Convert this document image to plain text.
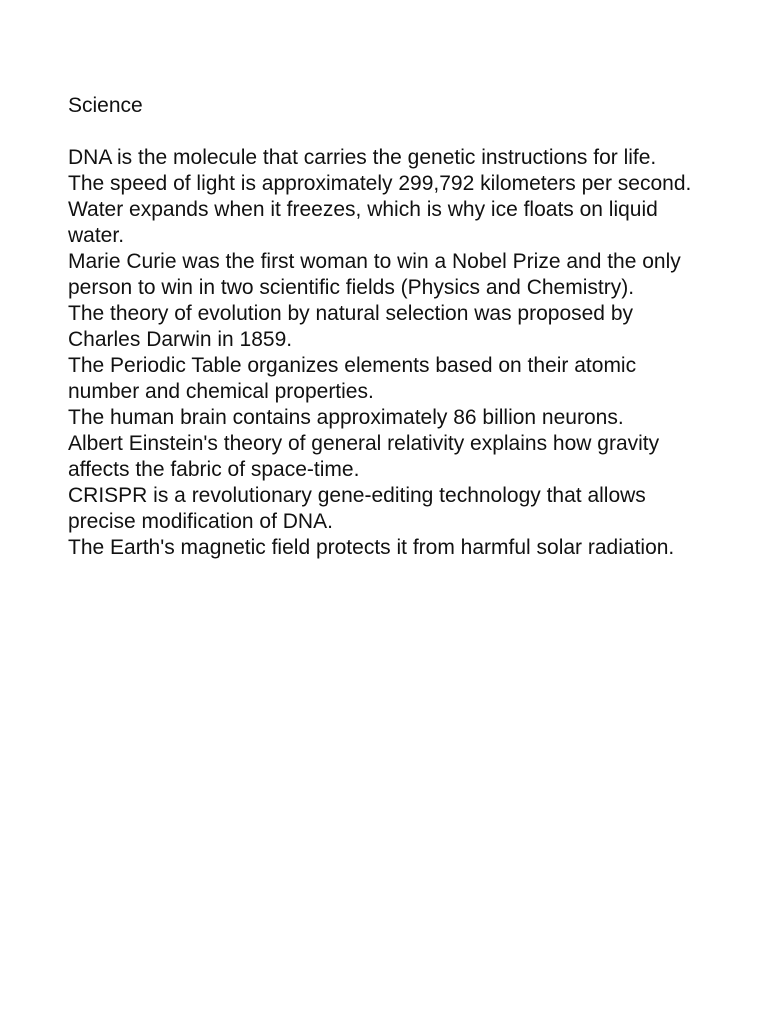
Science
DNA is the molecule that carries the genetic instructions for life.
The speed of light is approximately 299,792 kilometers per second.
Water expands when it freezes, which is why ice floats on liquid water.
Marie Curie was the first woman to win a Nobel Prize and the only person to win in two scientific fields (Physics and Chemistry).
The theory of evolution by natural selection was proposed by Charles Darwin in 1859.
The Periodic Table organizes elements based on their atomic number and chemical properties.
The human brain contains approximately 86 billion neurons.
Albert Einstein's theory of general relativity explains how gravity affects the fabric of space-time.
CRISPR is a revolutionary gene-editing technology that allows precise modification of DNA.
The Earth's magnetic field protects it from harmful solar radiation.
